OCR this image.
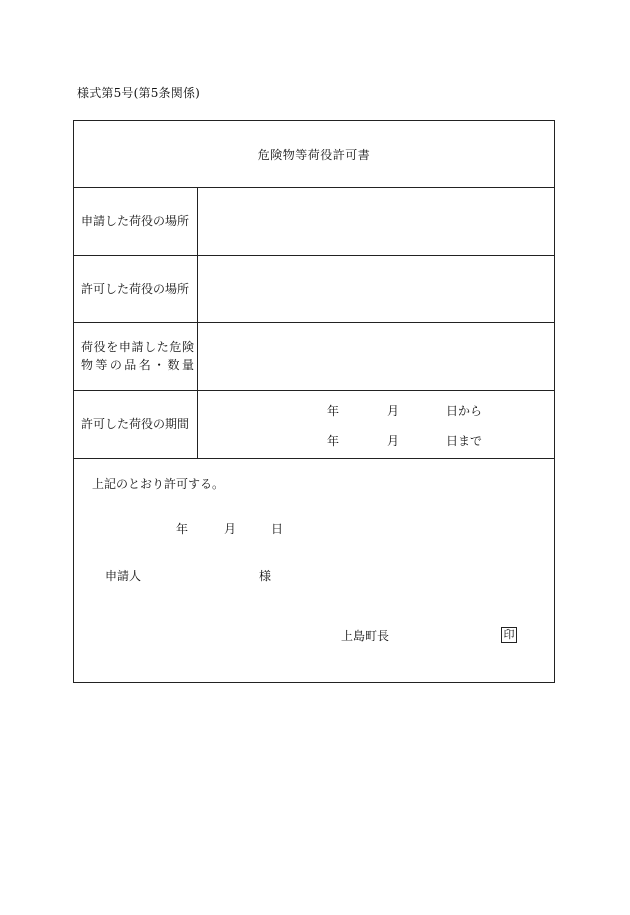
様式第5号(第5条関係)
危険物等荷役許可書
申請した荷役の場所
許可した荷役の場所
荷役を申請した危険
物等の品名・数量
許可した荷役の期間
年	月	日から
年	月	日まで
上記のとおり許可する。
年	月	日
申請人	様
上島町長	印
